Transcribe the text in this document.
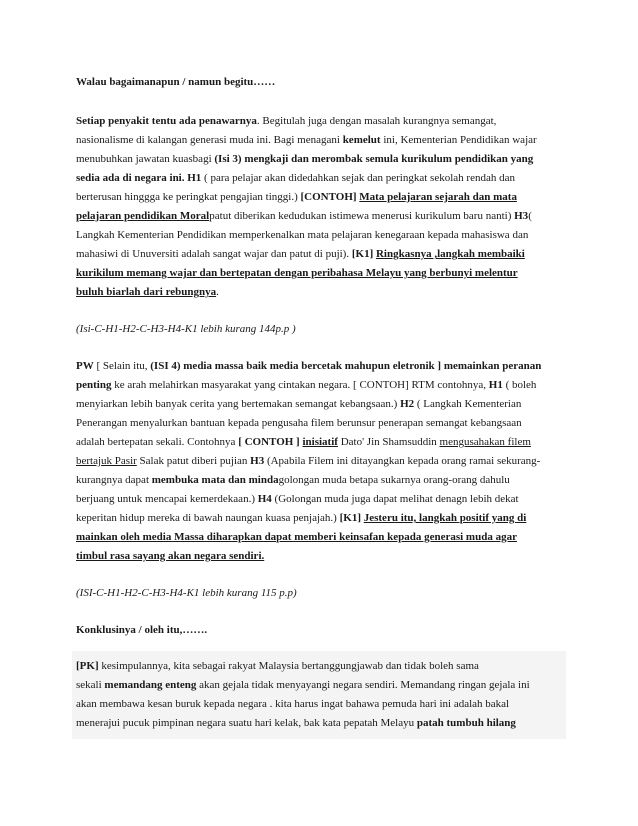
Walau bagaimanapun / namun begitu……
Setiap penyakit tentu ada penawarnya. Begitulah juga dengan masalah kurangnya semangat,
nasionalisme di kalangan generasi muda ini. Bagi menagani kemelut ini, Kementerian Pendidikan wajar
menubuhkan jawatan kuasbagi (Isi 3) mengkaji dan merombak semula kurikulum pendidikan yang
sedia ada di negara ini. H1 ( para pelajar akan didedahkan sejak dan peringkat sekolah rendah dan
berterusan hinggga ke peringkat pengajian tinggi.) [CONTOH] Mata pelajaran sejarah dan mata
pelajaran pendidikan Moralpatut diberikan kedudukan istimewa menerusi kurikulum baru nanti) H3(
Langkah Kementerian Pendidikan memperkenalkan mata pelajaran kenegaraan kepada mahasiswa dan
mahasiwi di Unuversiti adalah sangat wajar dan patut di puji). [K1] Ringkasnya ,langkah membaiki
kurikilum memang wajar dan bertepatan dengan peribahasa Melayu yang berbunyi melentur
buluh biarlah dari rebungnya.
(Isi-C-H1-H2-C-H3-H4-K1 lebih kurang 144p.p )
PW [ Selain itu, (ISI 4) media massa baik media bercetak mahupun eletronik ] memainkan peranan
penting ke arah melahirkan masyarakat yang cintakan negara. [ CONTOH] RTM contohnya, H1 ( boleh
menyiarkan lebih banyak cerita yang bertemakan semangat kebangsaan.) H2 ( Langkah Kementerian
Penerangan menyalurkan bantuan kepada pengusaha filem berunsur penerapan semangat kebangsaan
adalah bertepatan sekali. Contohnya [ CONTOH ] inisiatif Dato' Jin Shamsuddin mengusahakan filem
bertajuk Pasir Salak patut diberi pujian H3 (Apabila Filem ini ditayangkan kepada orang ramai sekurang-
kurangnya dapat membuka mata dan mindagolongan muda betapa sukarnya orang-orang dahulu
berjuang untuk mencapai kemerdekaan.) H4 (Golongan muda juga dapat melihat denagn lebih dekat
keperitan hidup mereka di bawah naungan kuasa penjajah.) [K1] Jesteru itu, langkah positif yang di
mainkan oleh media Massa diharapkan dapat memberi keinsafan kepada generasi muda agar
timbul rasa sayang akan negara sendiri.
(ISI-C-H1-H2-C-H3-H4-K1 lebih kurang 115 p.p)
Konklusinya / oleh itu,…….
[PK] kesimpulannya, kita sebagai rakyat Malaysia bertanggungjawab dan tidak boleh sama
sekali memandang enteng akan gejala tidak menyayangi negara sendiri. Memandang ringan gejala ini
akan membawa kesan buruk kepada negara . kita harus ingat bahawa pemuda hari ini adalah bakal
menerajui pucuk pimpinan negara suatu hari kelak, bak kata pepatah Melayu patah tumbuh hilang
